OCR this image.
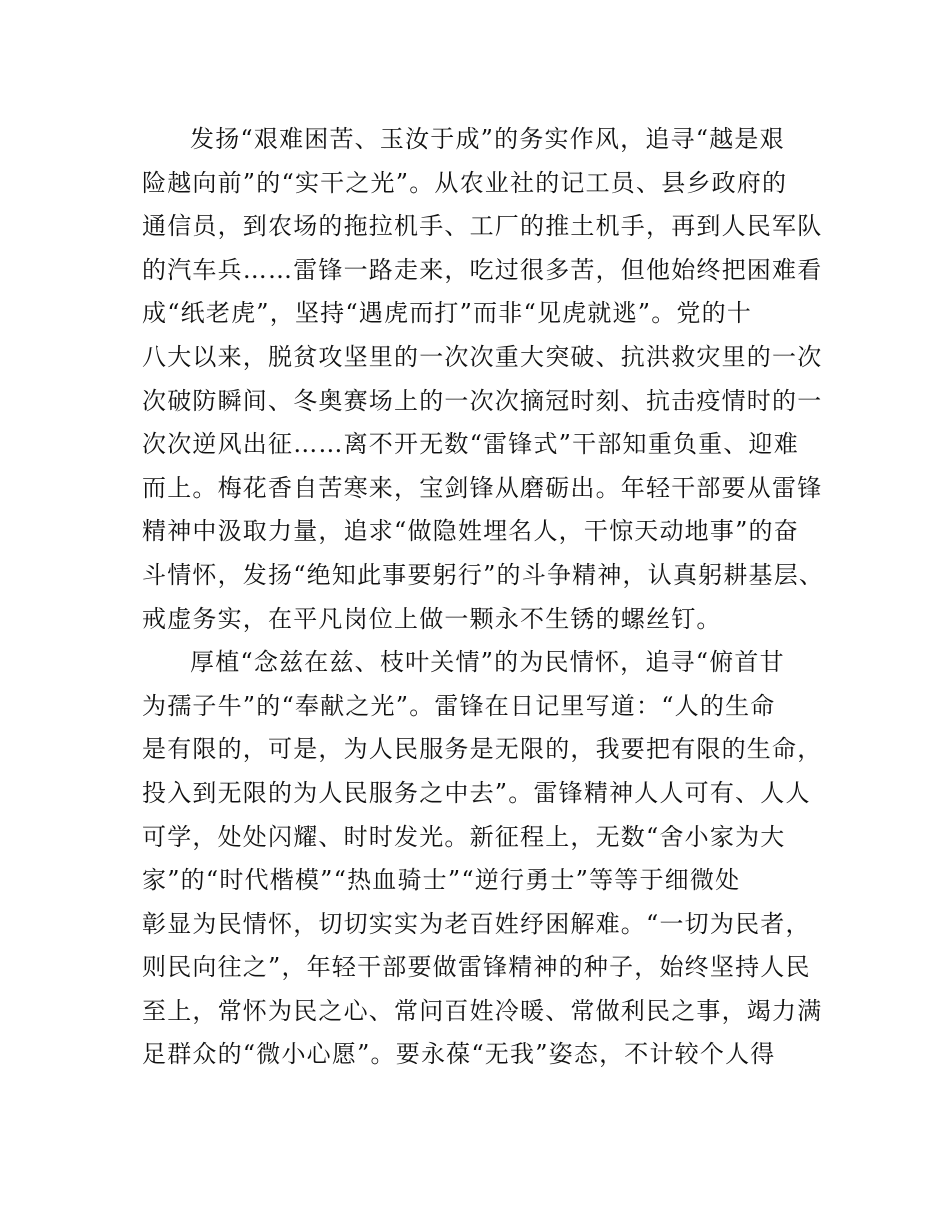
发扬“艰难困苦、玉汝于成”的务实作风，追寻“越是艰
险越向前”的“实干之光”。从农业社的记工员、县乡政府的
通信员，到农场的拖拉机手、工厂的推土机手，再到人民军队
的汽车兵……雷锋一路走来，吃过很多苦，但他始终把困难看
成“纸老虎”，坚持“遇虎而打”而非“见虎就逃”。党的十
八大以来，脱贫攻坚里的一次次重大突破、抗洪救灾里的一次
次破防瞬间、冬奥赛场上的一次次摘冠时刻、抗击疫情时的一
次次逆风出征……离不开无数“雷锋式”干部知重负重、迎难
而上。梅花香自苦寒来，宝剑锋从磨砺出。年轻干部要从雷锋
精神中汲取力量，追求“做隐姓埋名人，干惊天动地事”的奋
斗情怀，发扬“绝知此事要躬行”的斗争精神，认真躬耕基层、
戒虚务实，在平凡岗位上做一颗永不生锈的螺丝钉。
厚植“念兹在兹、枝叶关情”的为民情怀，追寻“俯首甘
为孺子牛”的“奉献之光”。雷锋在日记里写道：“人的生命
是有限的，可是，为人民服务是无限的，我要把有限的生命，
投入到无限的为人民服务之中去”。雷锋精神人人可有、人人
可学，处处闪耀、时时发光。新征程上，无数“舍小家为大
家”的“时代楷模”“热血骑士”“逆行勇士”等等于细微处
彰显为民情怀，切切实实为老百姓纾困解难。“一切为民者，
则民向往之”，年轻干部要做雷锋精神的种子，始终坚持人民
至上，常怀为民之心、常问百姓冷暖、常做利民之事，竭力满
足群众的“微小心愿”。要永葆“无我”姿态，不计较个人得
